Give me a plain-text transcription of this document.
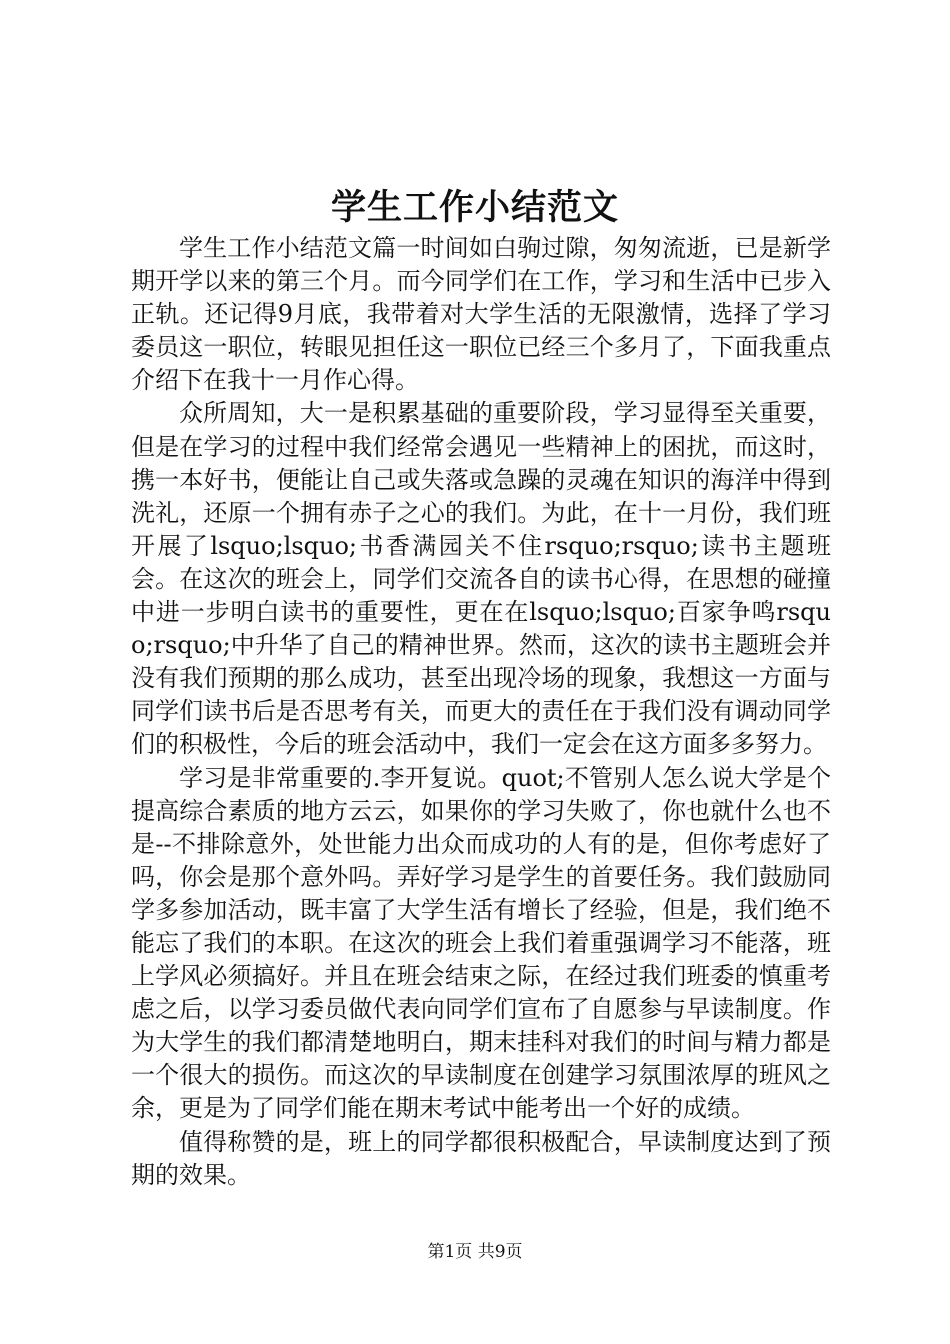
学生工作小结范文

学生工作小结范文篇一时间如白驹过隙，匆匆流逝，已是新学期开学以来的第三个月。而今同学们在工作，学习和生活中已步入正轨。还记得9月底，我带着对大学生活的无限激情，选择了学习委员这一职位，转眼见担任这一职位已经三个多月了，下面我重点介绍下在我十一月作心得。

众所周知，大一是积累基础的重要阶段，学习显得至关重要，但是在学习的过程中我们经常会遇见一些精神上的困扰，而这时，携一本好书，便能让自己或失落或急躁的灵魂在知识的海洋中得到洗礼，还原一个拥有赤子之心的我们。为此，在十一月份，我们班开展了lsquo;lsquo;书香满园关不住rsquo;rsquo;读书主题班会。在这次的班会上，同学们交流各自的读书心得，在思想的碰撞中进一步明白读书的重要性，更在在lsquo;lsquo;百家争鸣rsquo;rsquo;中升华了自己的精神世界。然而，这次的读书主题班会并没有我们预期的那么成功，甚至出现冷场的现象，我想这一方面与同学们读书后是否思考有关，而更大的责任在于我们没有调动同学们的积极性，今后的班会活动中，我们一定会在这方面多多努力。

学习是非常重要的.李开复说。quot;不管别人怎么说大学是个提高综合素质的地方云云，如果你的学习失败了，你也就什么也不是--不排除意外，处世能力出众而成功的人有的是，但你考虑好了吗，你会是那个意外吗。弄好学习是学生的首要任务。我们鼓励同学多参加活动，既丰富了大学生活有增长了经验，但是，我们绝不能忘了我们的本职。在这次的班会上我们着重强调学习不能落，班上学风必须搞好。并且在班会结束之际，在经过我们班委的慎重考虑之后，以学习委员做代表向同学们宣布了自愿参与早读制度。作为大学生的我们都清楚地明白，期末挂科对我们的时间与精力都是一个很大的损伤。而这次的早读制度在创建学习氛围浓厚的班风之余，更是为了同学们能在期末考试中能考出一个好的成绩。

值得称赞的是，班上的同学都很积极配合，早读制度达到了预期的效果。

第1页 共9页
